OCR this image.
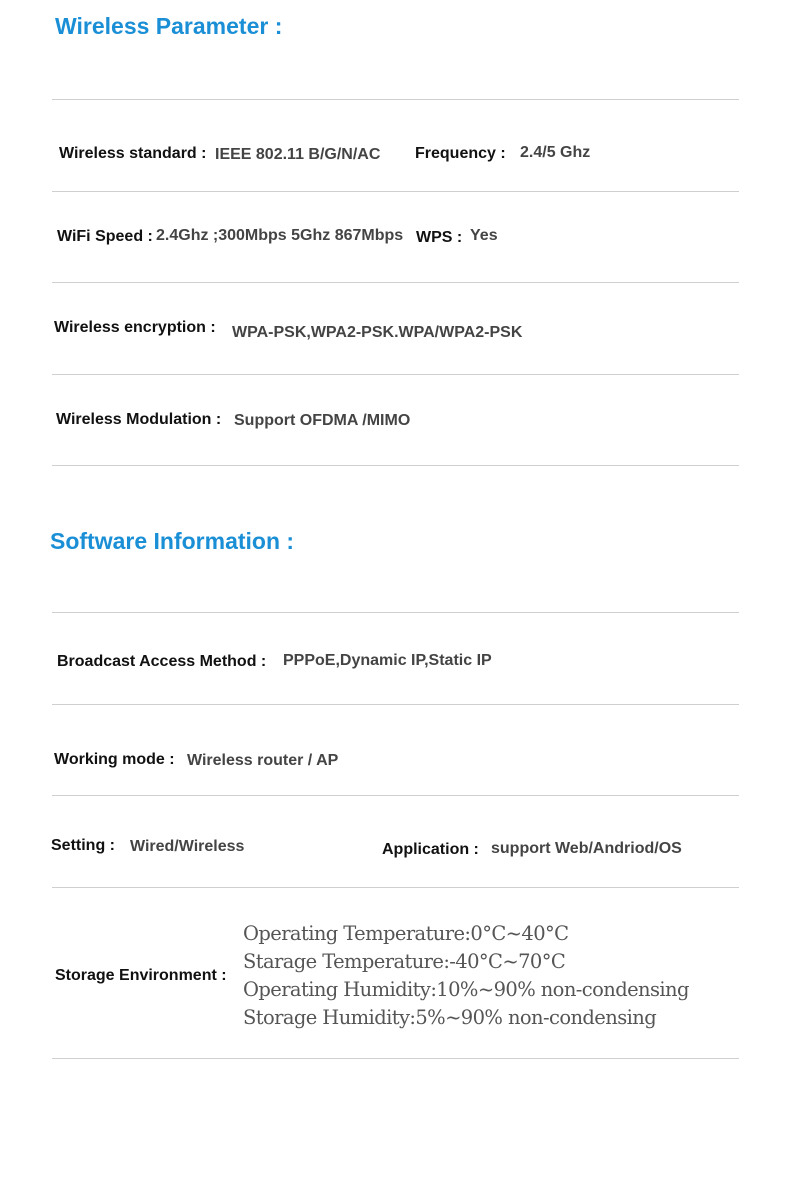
Wireless Parameter :
Wireless standard : IEEE 802.11 B/G/N/AC Frequency : 2.4/5 Ghz
WiFi Speed : 2.4Ghz ;300Mbps 5Ghz 867Mbps WPS : Yes
Wireless encryption : WPA-PSK,WPA2-PSK.WPA/WPA2-PSK
Wireless Modulation : Support OFDMA /MIMO
Software Information :
Broadcast Access Method : PPPoE,Dynamic IP,Static IP
Working mode : Wireless router / AP
Setting : Wired/Wireless	Application : support Web/Andriod/OS
Storage Environment :
Operating Temperature:0°C~40°C
Starage Temperature:-40°C~70°C
Operating Humidity:10%~90% non-condensing
Storage Humidity:5%~90% non-condensing
